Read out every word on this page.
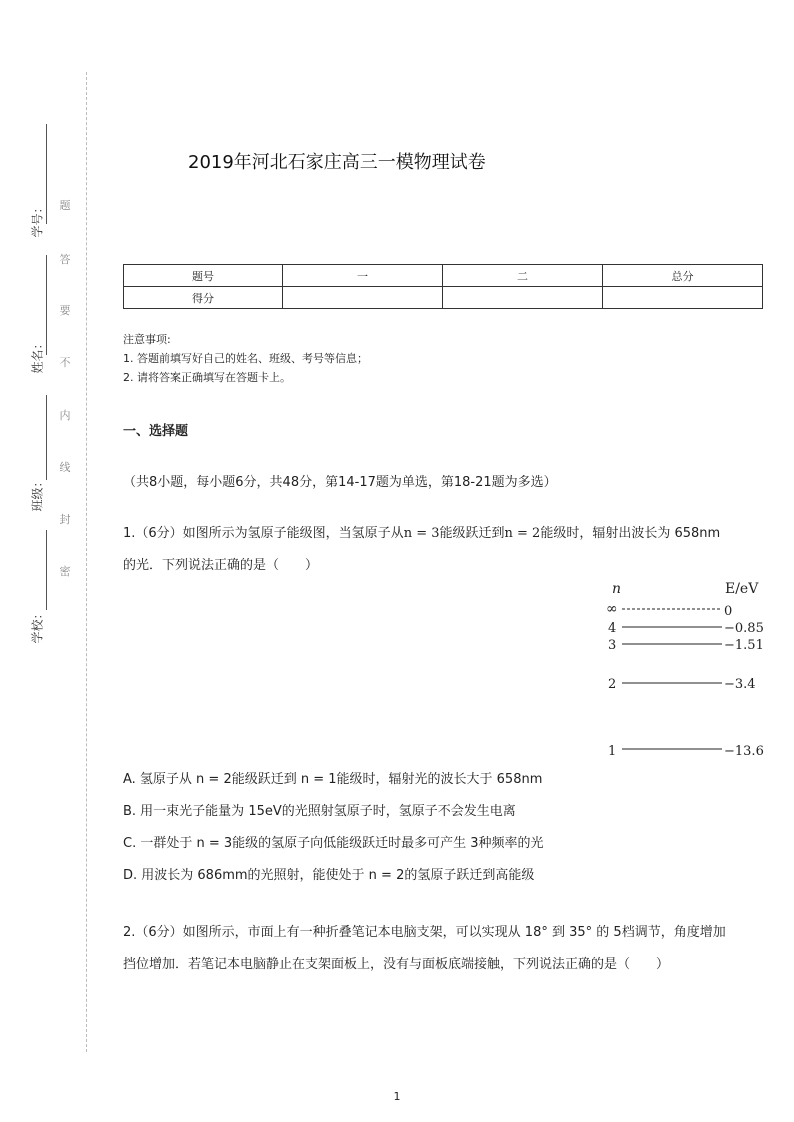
学号：
姓名：
班级：
学校：
题
答
要
不
内
线
封
密
2019年河北石家庄高三一模物理试卷
题号	一	二	总分
得分			
注意事项:
1. 答题前填写好自己的姓名、班级、考号等信息；
2. 请将答案正确填写在答题卡上。
一、选择题
（共8小题，每小题6分，共48分，第14-17题为单选，第18-21题为多选）
1.（6分）如图所示为氢原子能级图，当氢原子从n = 3能级跃迁到n = 2能级时，辐射出波长为 658nm
的光．下列说法正确的是（　　）
n	E/eV
∞	0
4	−0.85
3	−1.51
2	−3.4
1	−13.6
A. 氢原子从 n = 2能级跃迁到 n = 1能级时，辐射光的波长大于 658nm
B. 用一束光子能量为 15eV的光照射氢原子时，氢原子不会发生电离
C. 一群处于 n = 3能级的氢原子向低能级跃迁时最多可产生 3种频率的光
D. 用波长为 686mm的光照射，能使处于 n = 2的氢原子跃迁到高能级
2.（6分）如图所示，市面上有一种折叠笔记本电脑支架，可以实现从 18° 到 35° 的 5档调节，角度增加
挡位增加．若笔记本电脑静止在支架面板上，没有与面板底端接触，下列说法正确的是（　　）
1
